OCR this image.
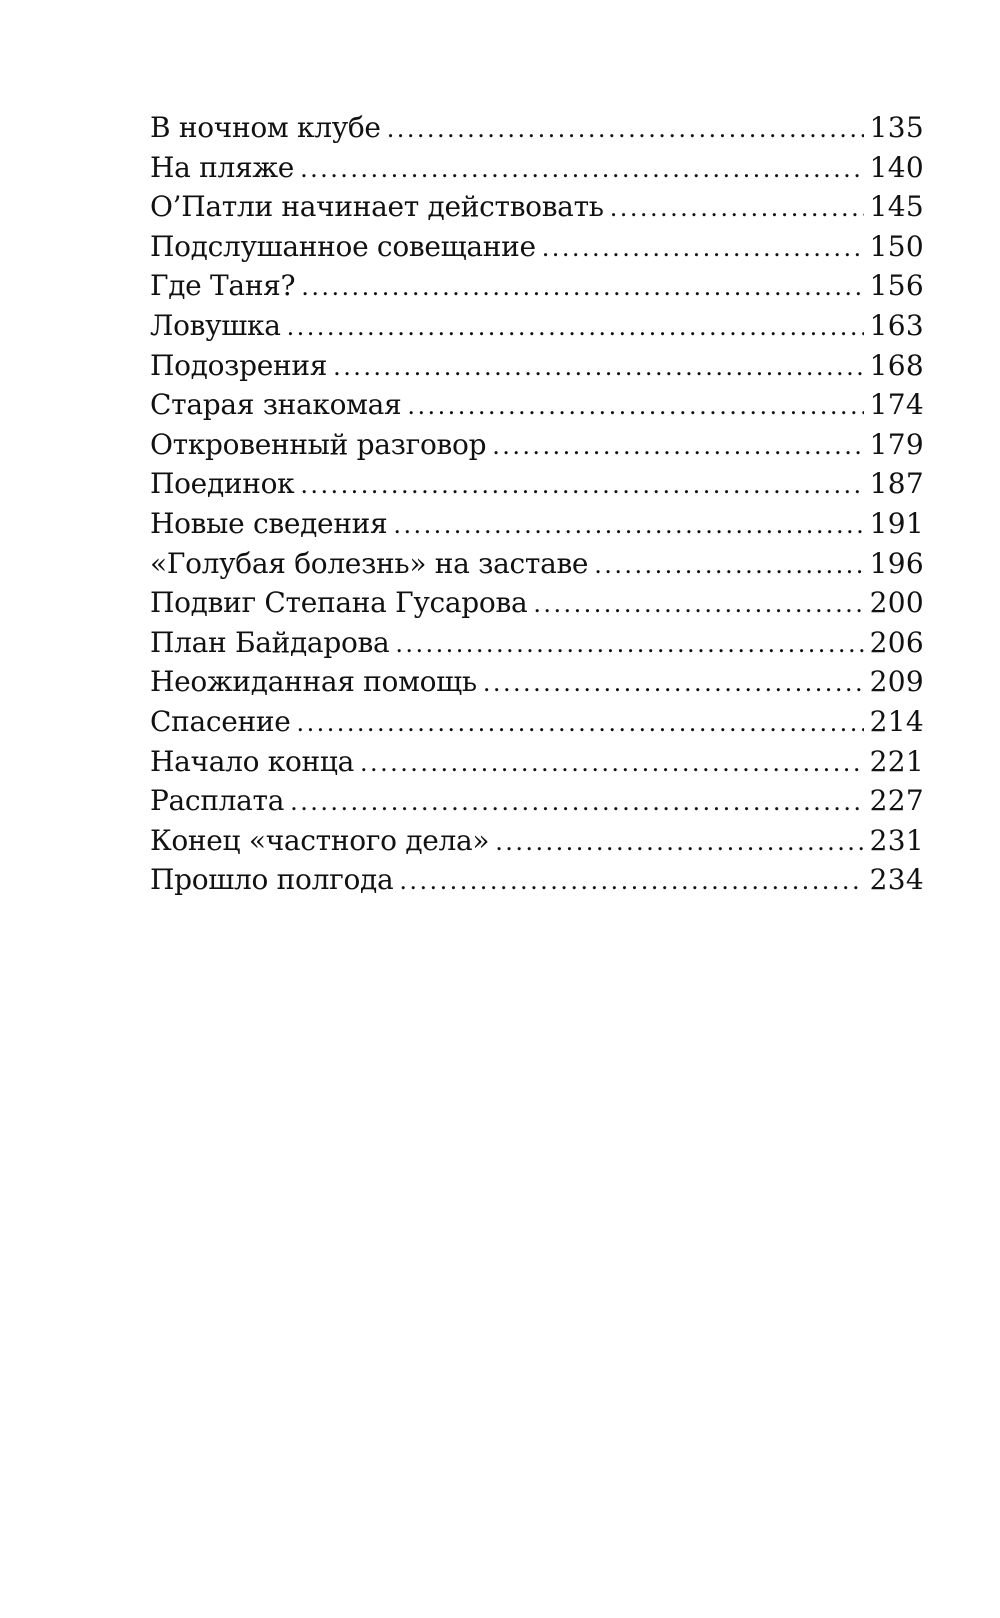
В ночном клубе . . .	135
На пляже . . .	140
О’Патли начинает действовать . . .	145
Подслушанное совещание . . .	150
Где Таня? . . .	156
Ловушка . . .	163
Подозрения . . .	168
Старая знакомая . . .	174
Откровенный разговор . . .	179
Поединок . . .	187
Новые сведения . . .	191
«Голубая болезнь» на заставе . . .	196
Подвиг Степана Гусарова . . .	200
План Байдарова . . .	206
Неожиданная помощь . . .	209
Спасение . . .	214
Начало конца . . .	221
Расплата . . .	227
Конец «частного дела» . . .	231
Прошло полгода . . .	234
